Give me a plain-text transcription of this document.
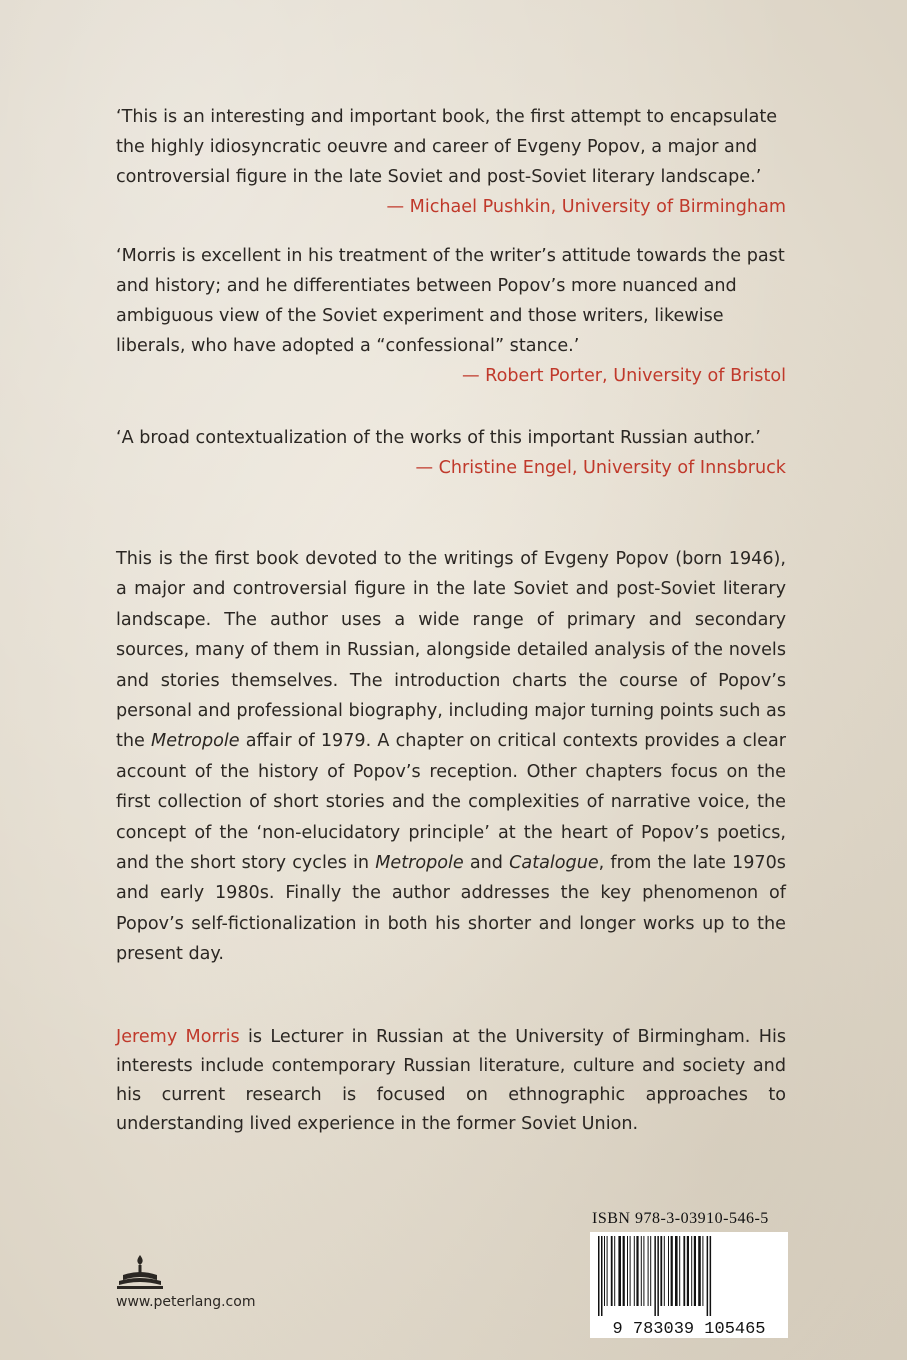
‘This is an interesting and important book, the first attempt to encapsulate the highly idiosyncratic oeuvre and career of Evgeny Popov, a major and controversial figure in the late Soviet and post-Soviet literary landscape.’

— Michael Pushkin, University of Birmingham

‘Morris is excellent in his treatment of the writer’s attitude towards the past and history; and he differentiates between Popov’s more nuanced and ambiguous view of the Soviet experiment and those writers, likewise liberals, who have adopted a “confessional” stance.’

— Robert Porter, University of Bristol

‘A broad contextualization of the works of this important Russian author.’

— Christine Engel, University of Innsbruck

This is the first book devoted to the writings of Evgeny Popov (born 1946), a major and controversial figure in the late Soviet and post-Soviet literary landscape. The author uses a wide range of primary and secondary sources, many of them in Russian, alongside detailed analysis of the novels and stories themselves. The introduction charts the course of Popov’s personal and professional biography, including major turning points such as the Metropole affair of 1979. A chapter on critical contexts provides a clear account of the history of Popov’s reception. Other chapters focus on the first collection of short stories and the complexities of narrative voice, the concept of the ‘non-elucidatory principle’ at the heart of Popov’s poetics, and the short story cycles in Metropole and Catalogue, from the late 1970s and early 1980s. Finally the author addresses the key phenomenon of Popov’s self-fictionalization in both his shorter and longer works up to the present day.

Jeremy Morris is Lecturer in Russian at the University of Birmingham. His interests include contemporary Russian literature, culture and society and his current research is focused on ethnographic approaches to understanding lived experience in the former Soviet Union.

www.peterlang.com
ISBN 978-3-03910-546-5
9 783039 105465
